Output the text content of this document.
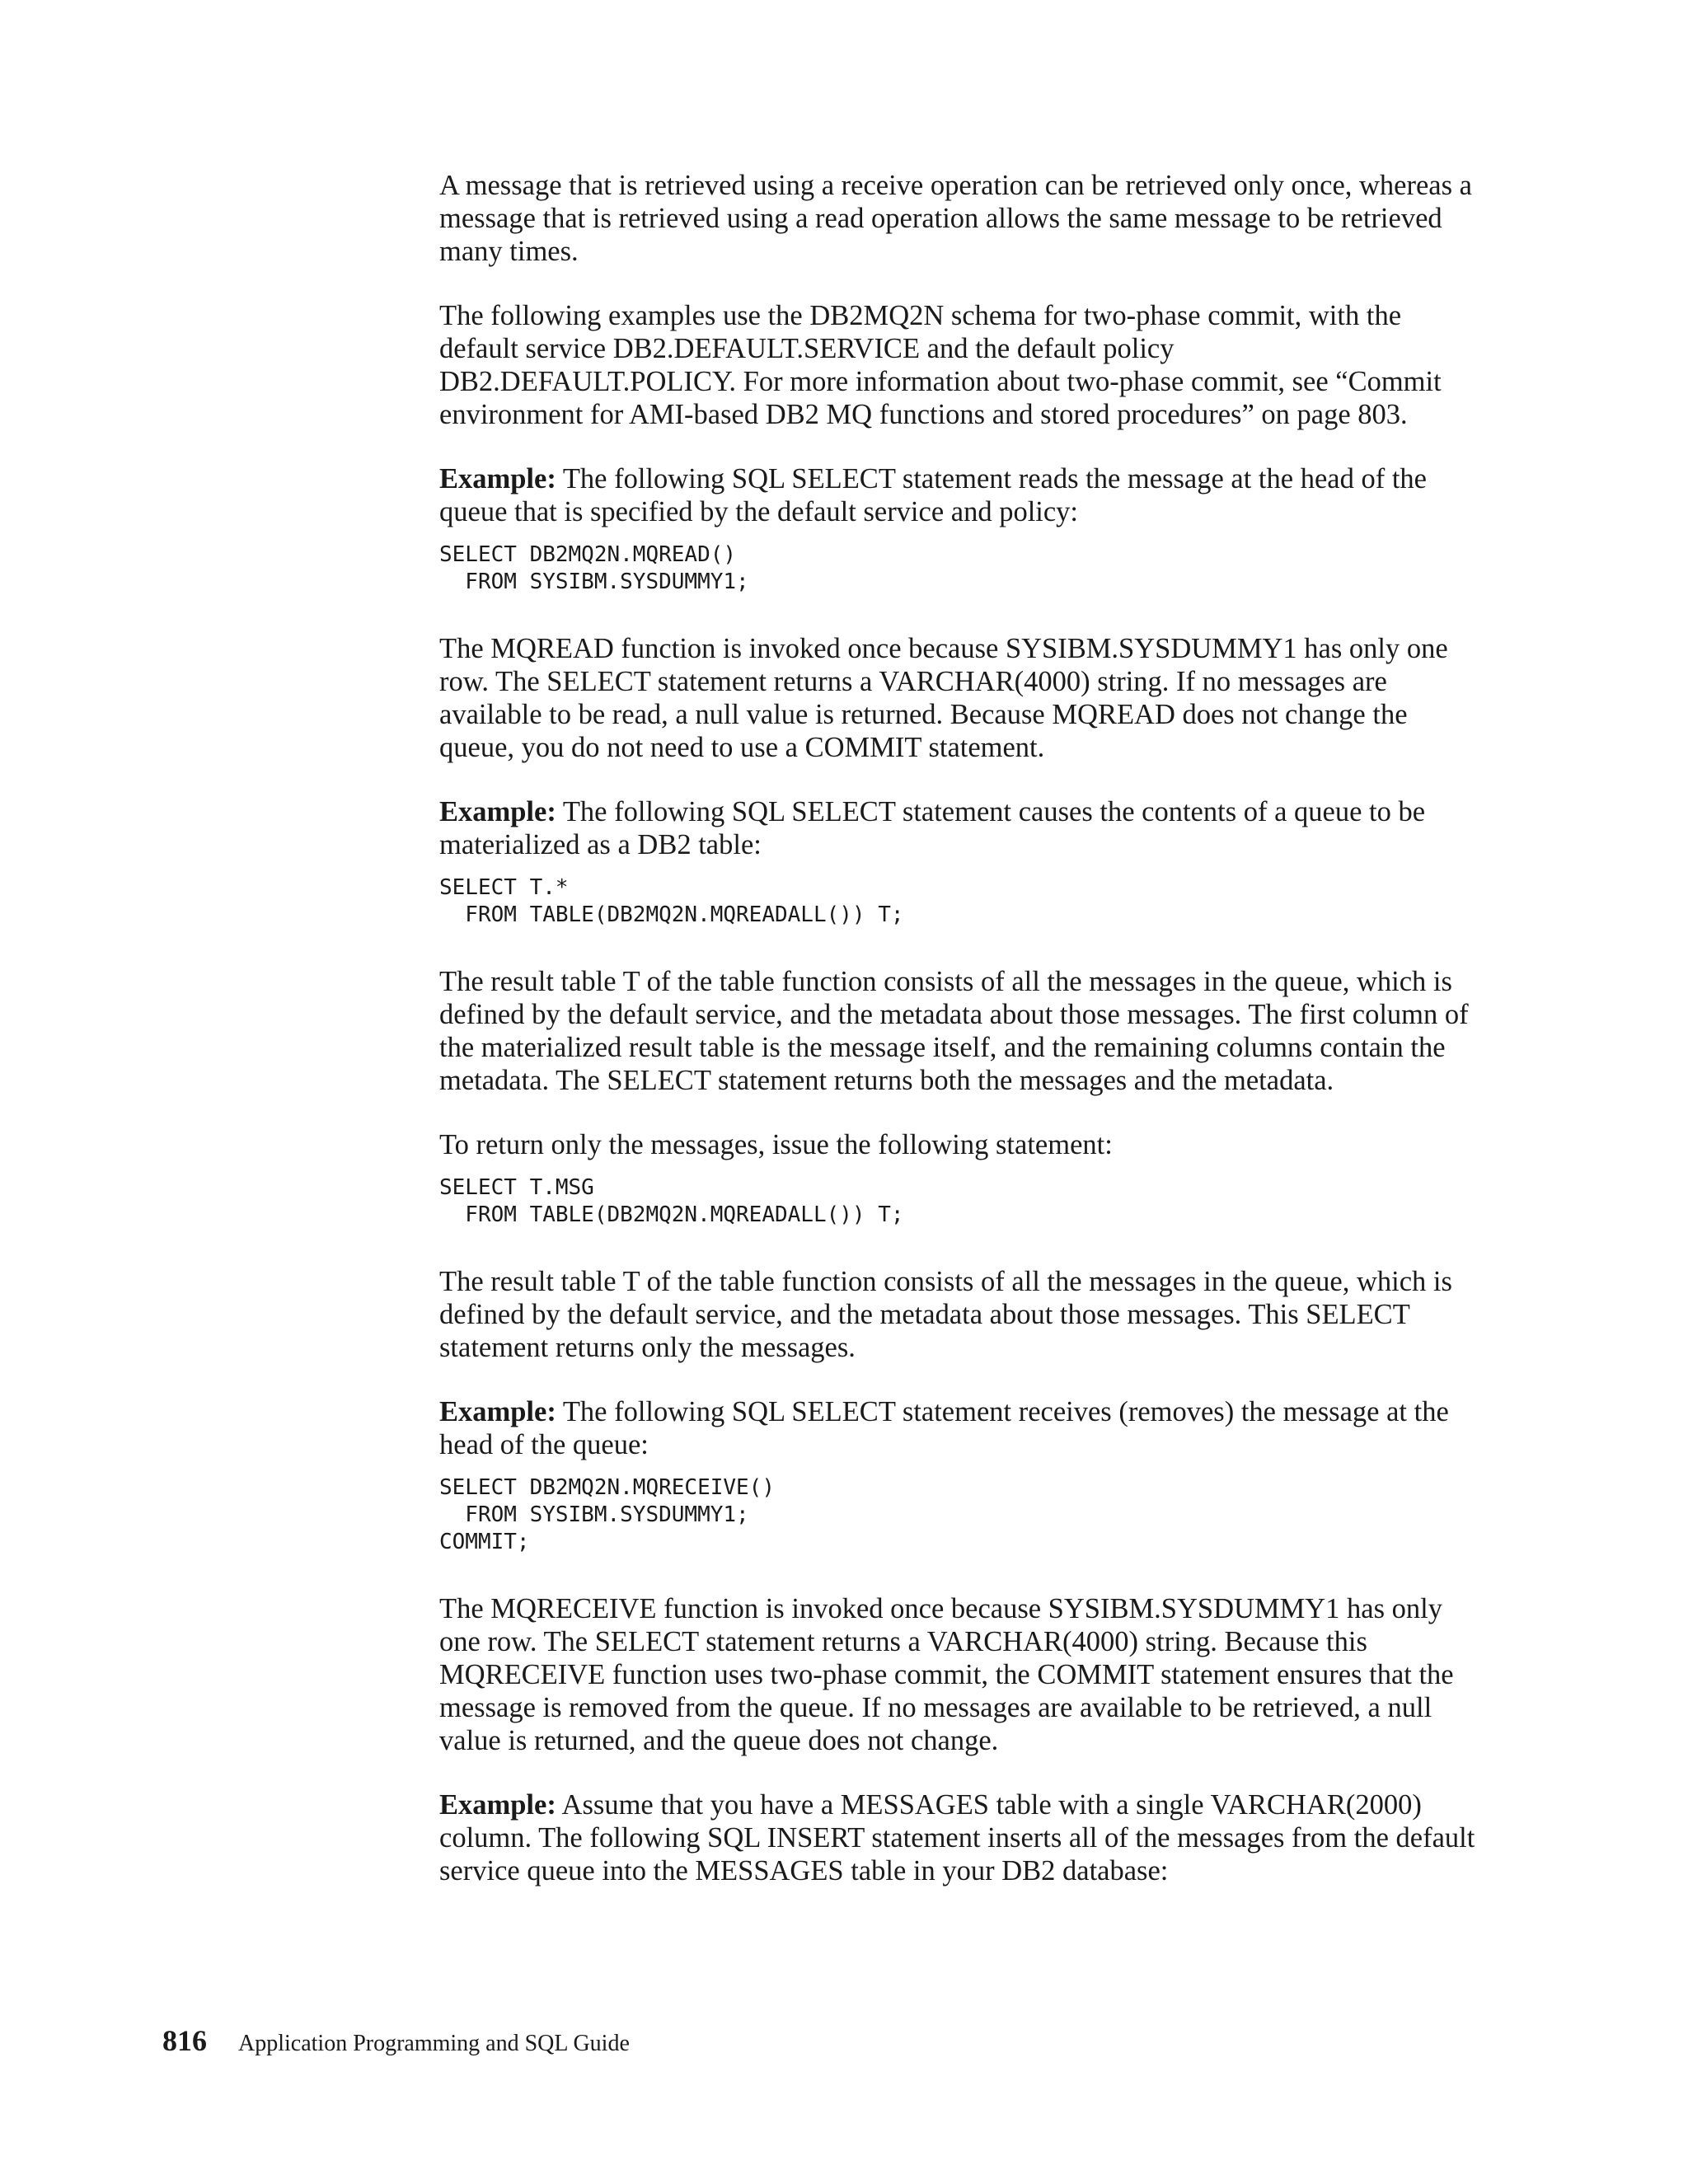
A message that is retrieved using a receive operation can be retrieved only once, whereas a message that is retrieved using a read operation allows the same message to be retrieved many times.

The following examples use the DB2MQ2N schema for two-phase commit, with the default service DB2.DEFAULT.SERVICE and the default policy DB2.DEFAULT.POLICY. For more information about two-phase commit, see “Commit environment for AMI-based DB2 MQ functions and stored procedures” on page 803.

Example: The following SQL SELECT statement reads the message at the head of the queue that is specified by the default service and policy:

SELECT DB2MQ2N.MQREAD()
FROM SYSIBM.SYSDUMMY1;

The MQREAD function is invoked once because SYSIBM.SYSDUMMY1 has only one row. The SELECT statement returns a VARCHAR(4000) string. If no messages are available to be read, a null value is returned. Because MQREAD does not change the queue, you do not need to use a COMMIT statement.

Example: The following SQL SELECT statement causes the contents of a queue to be materialized as a DB2 table:

SELECT T.*
FROM TABLE(DB2MQ2N.MQREADALL()) T;

The result table T of the table function consists of all the messages in the queue, which is defined by the default service, and the metadata about those messages. The first column of the materialized result table is the message itself, and the remaining columns contain the metadata. The SELECT statement returns both the messages and the metadata.

To return only the messages, issue the following statement:

SELECT T.MSG
FROM TABLE(DB2MQ2N.MQREADALL()) T;

The result table T of the table function consists of all the messages in the queue, which is defined by the default service, and the metadata about those messages. This SELECT statement returns only the messages.

Example: The following SQL SELECT statement receives (removes) the message at the head of the queue:

SELECT DB2MQ2N.MQRECEIVE()
FROM SYSIBM.SYSDUMMY1;
COMMIT;

The MQRECEIVE function is invoked once because SYSIBM.SYSDUMMY1 has only one row. The SELECT statement returns a VARCHAR(4000) string. Because this MQRECEIVE function uses two-phase commit, the COMMIT statement ensures that the message is removed from the queue. If no messages are available to be retrieved, a null value is returned, and the queue does not change.

Example: Assume that you have a MESSAGES table with a single VARCHAR(2000) column. The following SQL INSERT statement inserts all of the messages from the default service queue into the MESSAGES table in your DB2 database:

816 Application Programming and SQL Guide
